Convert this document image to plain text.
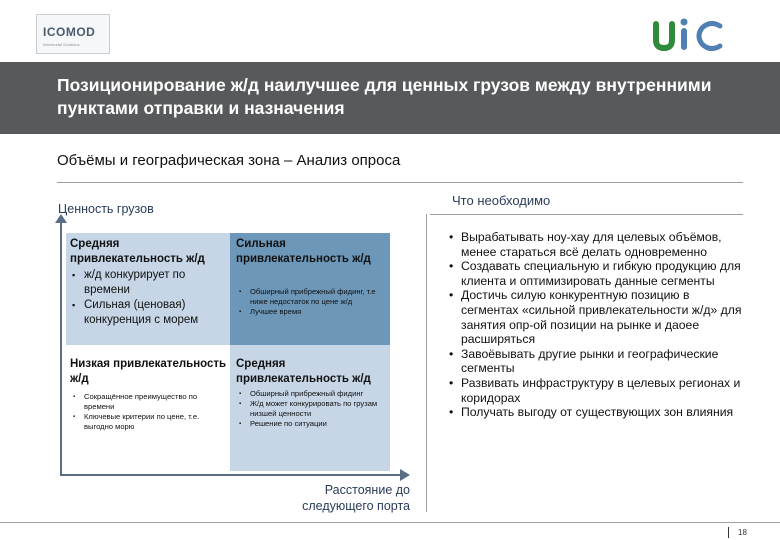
ICOMOD
Intermodal Solutions
Позиционирование ж/д наилучшее для ценных грузов между внутренними пунктами отправки и назначения
Объёмы и географическая зона – Анализ опроса
Ценность грузов
Что необходимо
Средняя привлекательность ж/д
▪ ж/д конкурирует по времени
▪ Сильная (ценовая) конкуренция с морем
Сильная привлекательность ж/д
▪ Обширный прибрежный фидинг, т.е ниже недостаток по цене ж/д
▪ Лучшее время
Низкая привлекательность ж/д
▪ Сокращённое преимущество по времени
▪ Ключевые критерии по цене, т.е. выгодно морю
Средняя привлекательность ж/д
▪ Обширный прибрежный фидинг
▪ Ж/д может конкурировать по грузам низшей ценности
▪ Решение по ситуации
Расстояние до следующего порта
• Вырабатывать ноу-хау для целевых объёмов, менее стараться всё делать одновременно
• Создавать специальную и гибкую продукцию для клиента и оптимизировать данные сегменты
• Достичь силую конкурентную позицию в сегментах «сильной привлекательности ж/д» для занятия опр-ой позиции на рынке и даоее расширяться
• Завоёвывать другие рынки и географические сегменты
• Развивать инфраструктуру в целевых регионах и коридорах
• Получать выгоду от существующих зон влияния
18
